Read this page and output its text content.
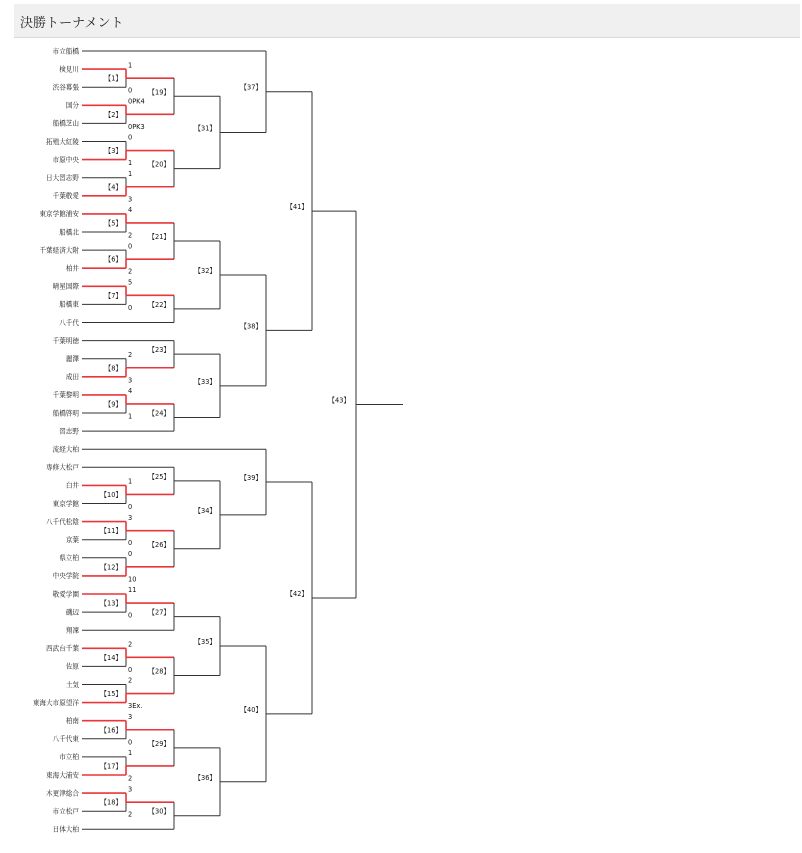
決勝トーナメント
市立船橋
検見川
渋谷幕張
国分
船橋芝山
拓殖大紅陵
市原中央
日大習志野
千葉敬愛
東京学館浦安
船橋北
千葉経済大附
柏井
晴星国際
船橋東
八千代
千葉明徳
麗澤
成田
千葉黎明
船橋啓明
習志野
流経大柏
専修大松戸
白井
東京学館
八千代松陰
京葉
県立柏
中央学院
敬愛学園
磯辺
翔凜
西武台千葉
佐原
土気
東海大市原望洋
柏南
八千代東
市立柏
東海大浦安
木更津総合
市立松戸
日体大柏
【1】
1
0
【2】
0PK4
0PK3
【3】
0
1
【4】
1
3
【5】
4
2
【6】
0
2
【7】
5
0
【8】
2
3
【9】
4
1
【10】
1
0
【11】
3
0
【12】
0
10
【13】
11
0
【14】
2
0
【15】
2
3Ex.
【16】
3
0
【17】
1
2
【18】
3
2
【19】
【20】
【21】
【22】
【23】
【24】
【25】
【26】
【27】
【28】
【29】
【30】
【31】
【32】
【33】
【34】
【35】
【36】
【37】
【38】
【39】
【40】
【41】
【42】
【43】
